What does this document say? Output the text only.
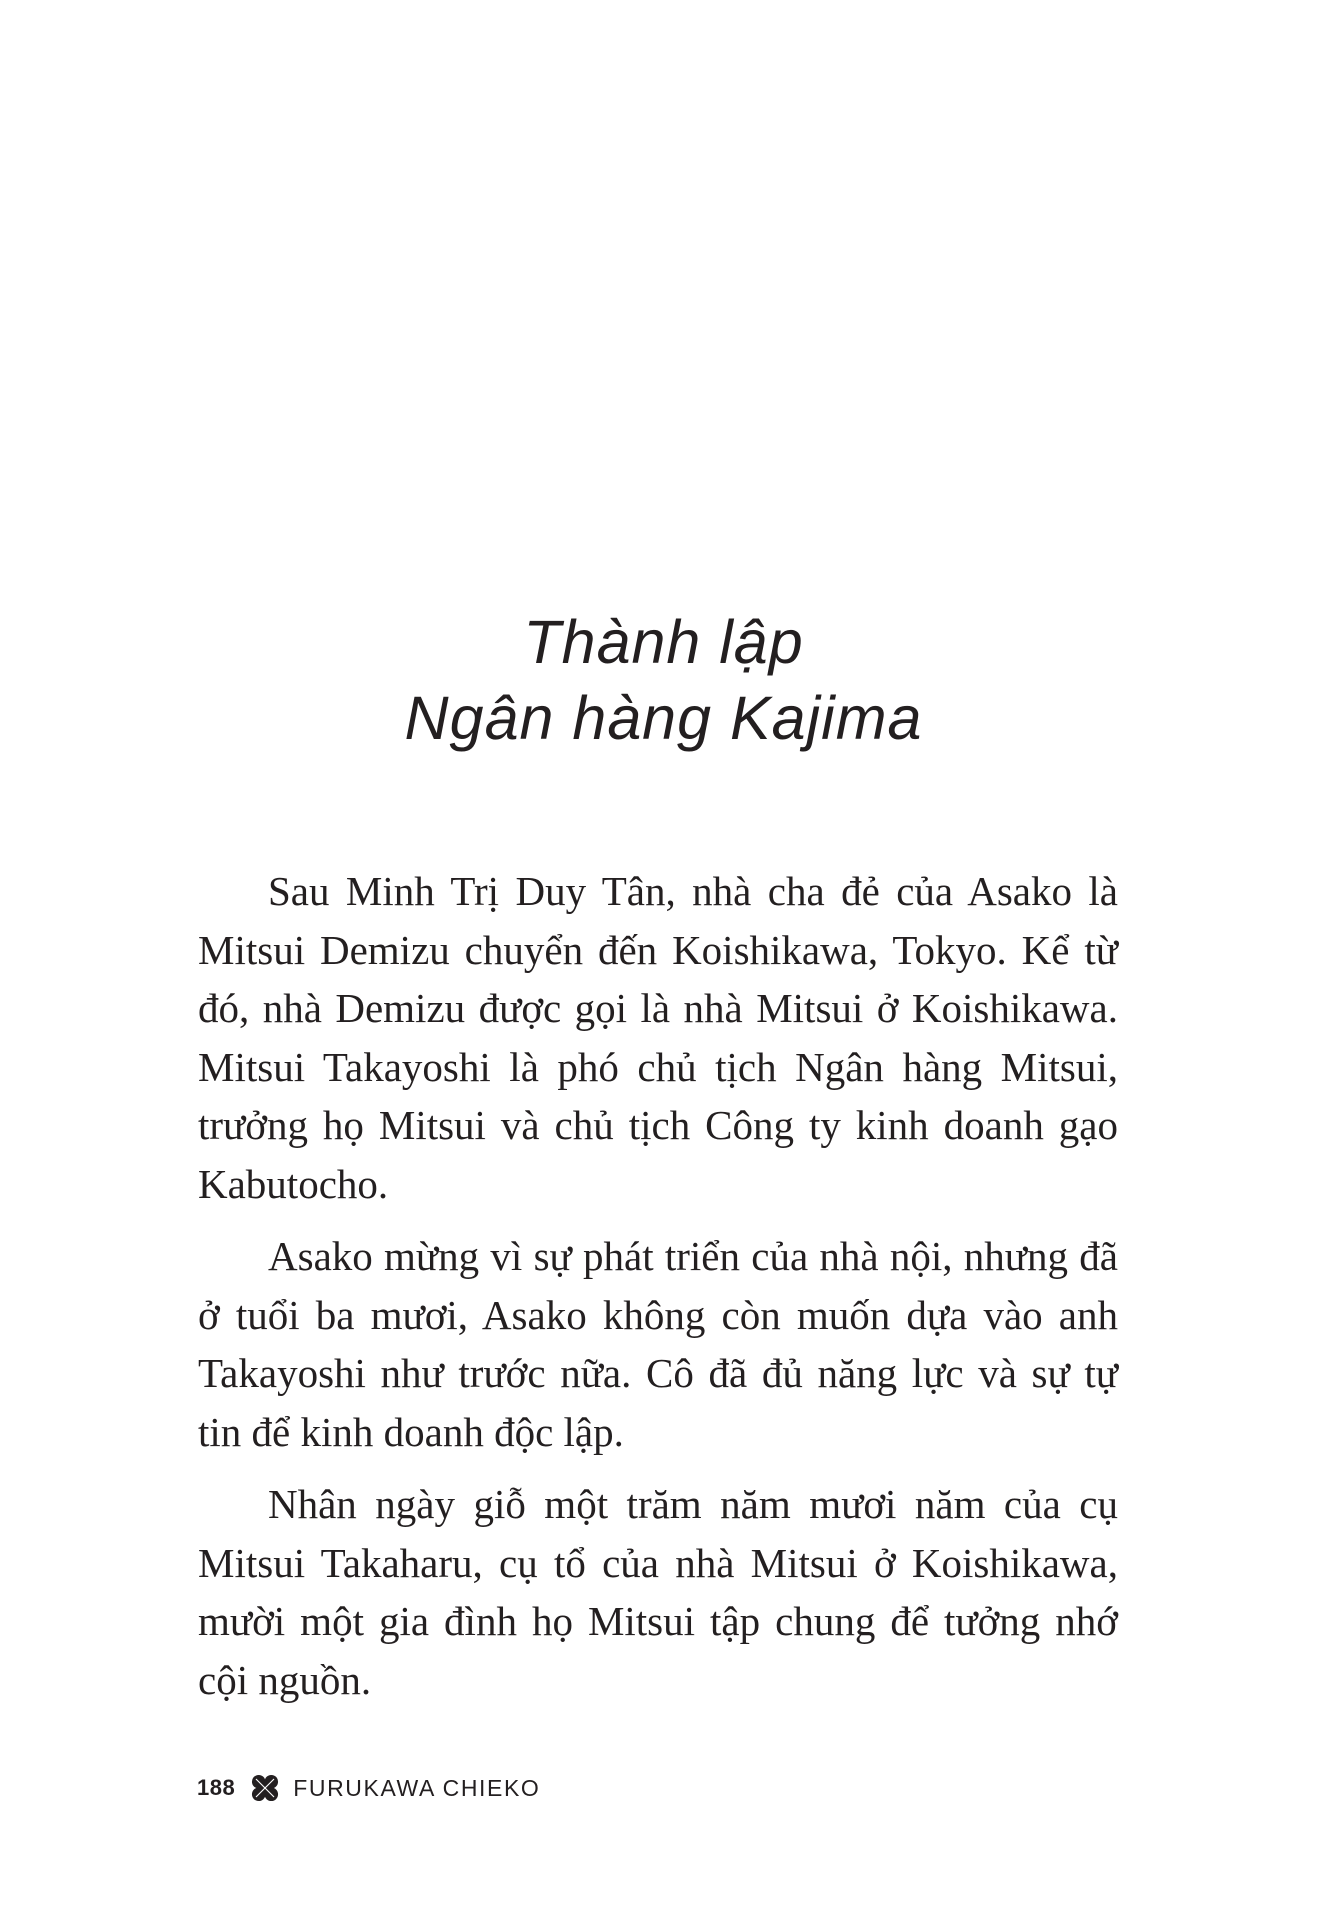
Thành lập
Ngân hàng Kajima

Sau Minh Trị Duy Tân, nhà cha đẻ của Asako là Mitsui Demizu chuyển đến Koishikawa, Tokyo. Kể từ đó, nhà Demizu được gọi là nhà Mitsui ở Koishikawa. Mitsui Takayoshi là phó chủ tịch Ngân hàng Mitsui, trưởng họ Mitsui và chủ tịch Công ty kinh doanh gạo Kabutocho.

Asako mừng vì sự phát triển của nhà nội, nhưng đã ở tuổi ba mươi, Asako không còn muốn dựa vào anh Takayoshi như trước nữa. Cô đã đủ năng lực và sự tự tin để kinh doanh độc lập.

Nhân ngày giỗ một trăm năm mươi năm của cụ Mitsui Takaharu, cụ tổ của nhà Mitsui ở Koishikawa, mười một gia đình họ Mitsui tập chung để tưởng nhớ cội nguồn.

188	FURUKAWA CHIEKO
